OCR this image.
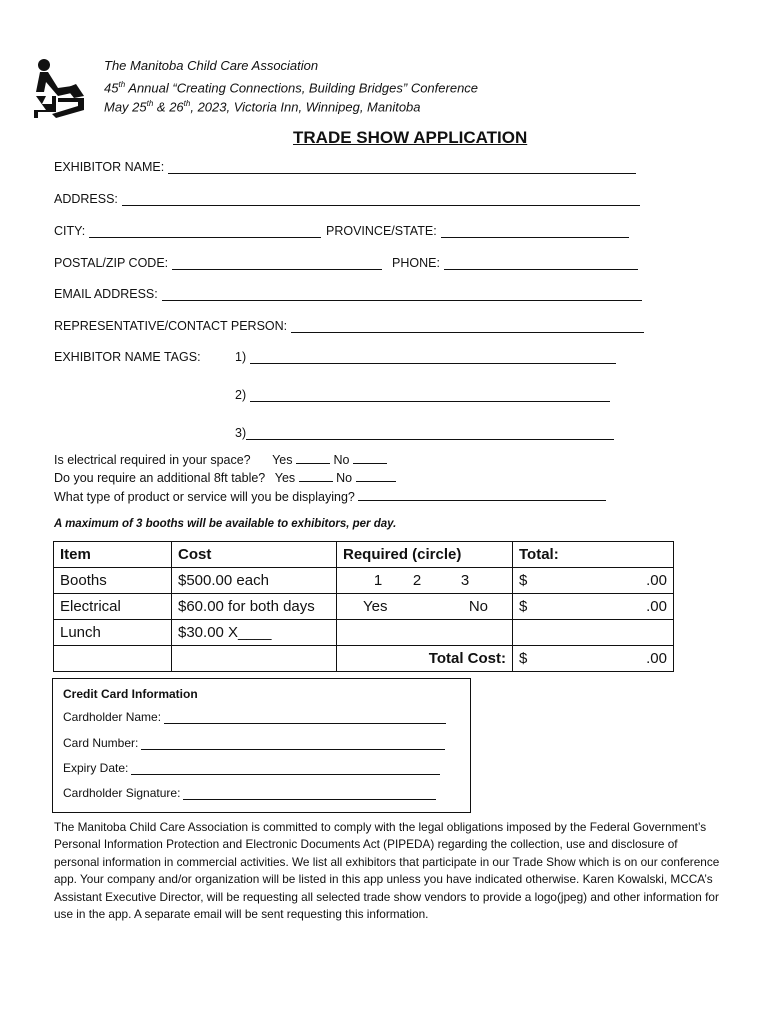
The Manitoba Child Care Association
45th Annual “Creating Connections, Building Bridges” Conference
May 25th & 26th, 2023, Victoria Inn, Winnipeg, Manitoba
TRADE SHOW APPLICATION
EXHIBITOR NAME:
ADDRESS:
CITY:	PROVINCE/STATE:
POSTAL/ZIP CODE:	PHONE:
EMAIL ADDRESS:
REPRESENTATIVE/CONTACT PERSON:
EXHIBITOR NAME TAGS:	1)
2)
3)
Is electrical required in your space? Yes	No
Do you require an additional 8ft table? Yes	No
What type of product or service will you be displaying?
A maximum of 3 booths will be available to exhibitors, per day.
Item	Cost	Required (circle)	Total:
Booths	$500.00 each	1 2 3	$ .00

Electrical	$60.00 for both days	Yes No	$ .00

Lunch	$30.00 X____		
		Total Cost:	$ .00
Credit Card Information
Cardholder Name:
Card Number:
Expiry Date:
Cardholder Signature:
The Manitoba Child Care Association is committed to comply with the legal obligations imposed by the Federal Government’s Personal Information Protection and Electronic Documents Act (PIPEDA) regarding the collection, use and disclosure of personal information in commercial activities. We list all exhibitors that participate in our Trade Show which is on our conference app. Your company and/or organization will be listed in this app unless you have indicated otherwise. Karen Kowalski, MCCA’s Assistant Executive Director, will be requesting all selected trade show vendors to provide a logo(jpeg) and other information for use in the app. A separate email will be sent requesting this information.
